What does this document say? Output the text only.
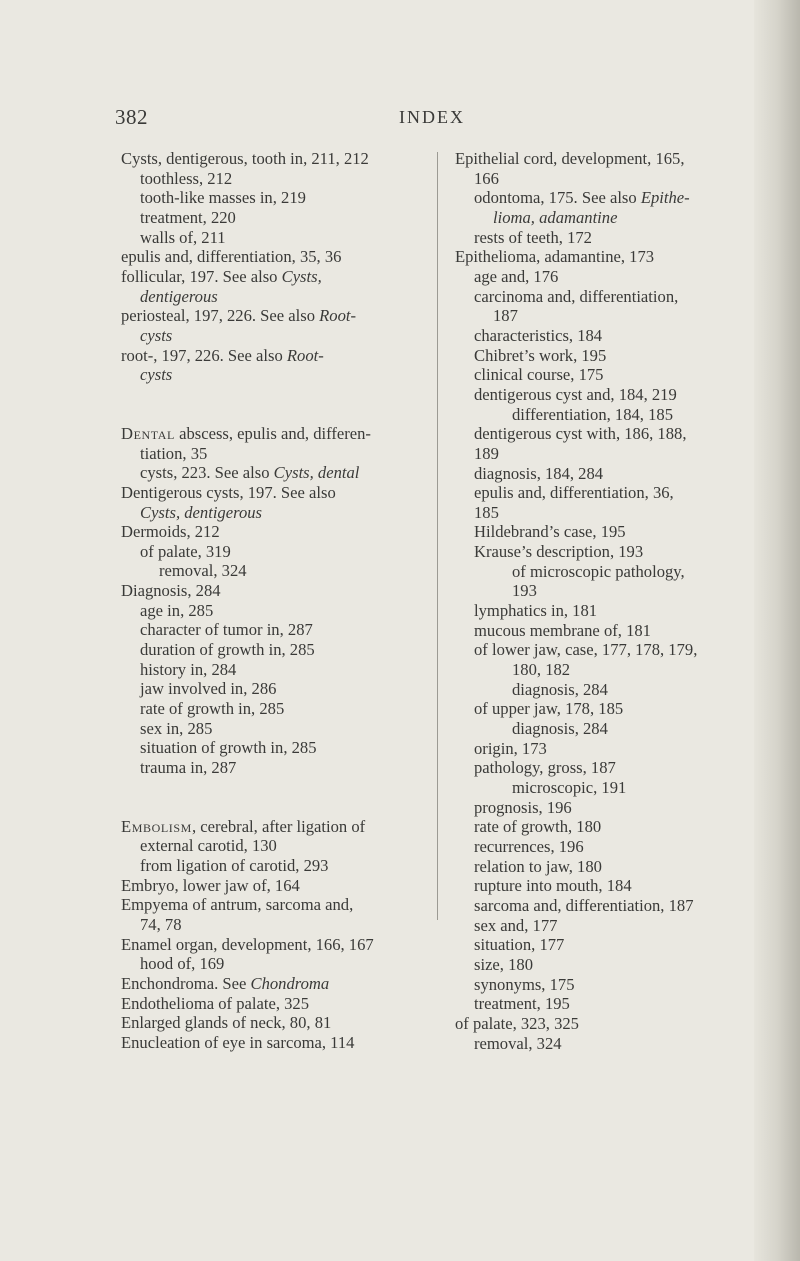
382	INDEX
Cysts, dentigerous, tooth in, 211, 212
toothless, 212
tooth-like masses in, 219
treatment, 220
walls of, 211
epulis and, differentiation, 35, 36
follicular, 197. See also Cysts,
dentigerous
periosteal, 197, 226. See also Root-
cysts
root-, 197, 226. See also Root-
cysts
Dental abscess, epulis and, differen-
tiation, 35
cysts, 223. See also Cysts, dental
Dentigerous cysts, 197. See also
Cysts, dentigerous
Dermoids, 212
of palate, 319
removal, 324
Diagnosis, 284
age in, 285
character of tumor in, 287
duration of growth in, 285
history in, 284
jaw involved in, 286
rate of growth in, 285
sex in, 285
situation of growth in, 285
trauma in, 287
Embolism, cerebral, after ligation of
external carotid, 130
from ligation of carotid, 293
Embryo, lower jaw of, 164
Empyema of antrum, sarcoma and,
74, 78
Enamel organ, development, 166, 167
hood of, 169
Enchondroma. See Chondroma
Endothelioma of palate, 325
Enlarged glands of neck, 80, 81
Enucleation of eye in sarcoma, 114
Epithelial cord, development, 165,
166
odontoma, 175. See also Epithe-
lioma, adamantine
rests of teeth, 172
Epithelioma, adamantine, 173
age and, 176
carcinoma and, differentiation,
187
characteristics, 184
Chibret’s work, 195
clinical course, 175
dentigerous cyst and, 184, 219
differentiation, 184, 185
dentigerous cyst with, 186, 188,
189
diagnosis, 184, 284
epulis and, differentiation, 36,
185
Hildebrand’s case, 195
Krause’s description, 193
of microscopic pathology,
193
lymphatics in, 181
mucous membrane of, 181
of lower jaw, case, 177, 178, 179,
180, 182
diagnosis, 284
of upper jaw, 178, 185
diagnosis, 284
origin, 173
pathology, gross, 187
microscopic, 191
prognosis, 196
rate of growth, 180
recurrences, 196
relation to jaw, 180
rupture into mouth, 184
sarcoma and, differentiation, 187
sex and, 177
situation, 177
size, 180
synonyms, 175
treatment, 195
of palate, 323, 325
removal, 324
